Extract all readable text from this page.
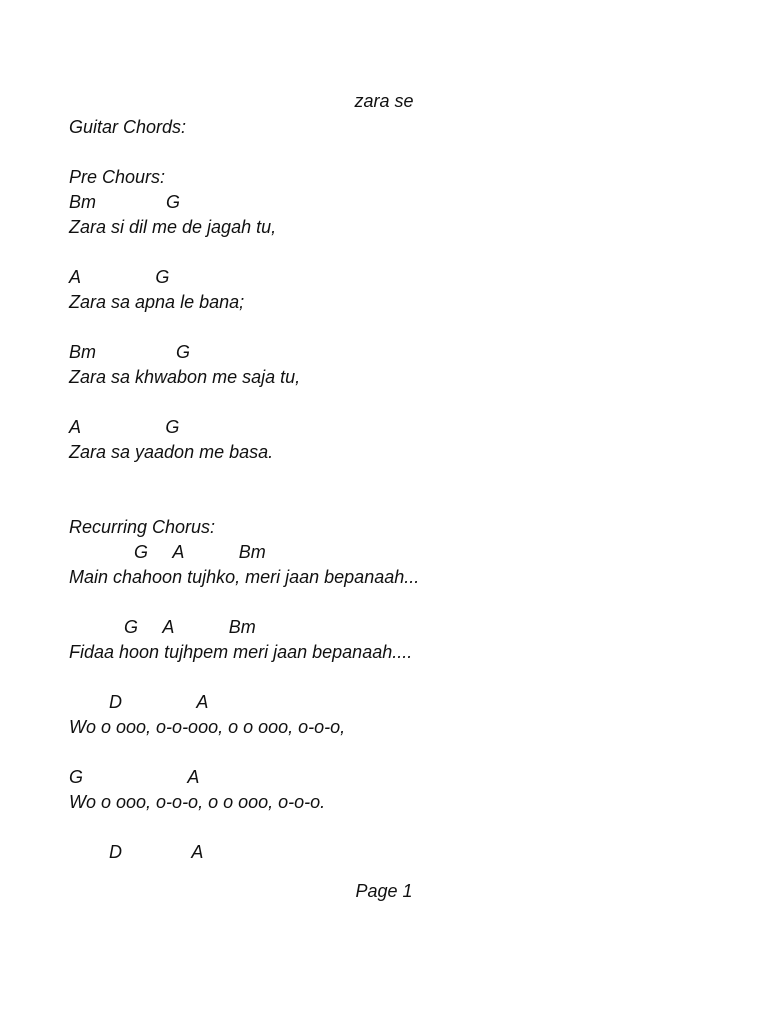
zara se
Guitar Chords:
Pre Chours:
Bm              G
Zara si dil me de jagah tu,
A               G
Zara sa apna le bana;
Bm                G
Zara sa khwabon me saja tu,
A                 G
Zara sa yaadon me basa.
Recurring Chorus:
G     A           Bm
Main chahoon tujhko, meri jaan bepanaah...
G     A           Bm
Fidaa hoon tujhpem meri jaan bepanaah....
D               A
Wo o ooo, o-o-ooo, o o ooo, o-o-o,
G                     A
Wo o ooo, o-o-o, o o ooo, o-o-o.
D              A
Page 1
